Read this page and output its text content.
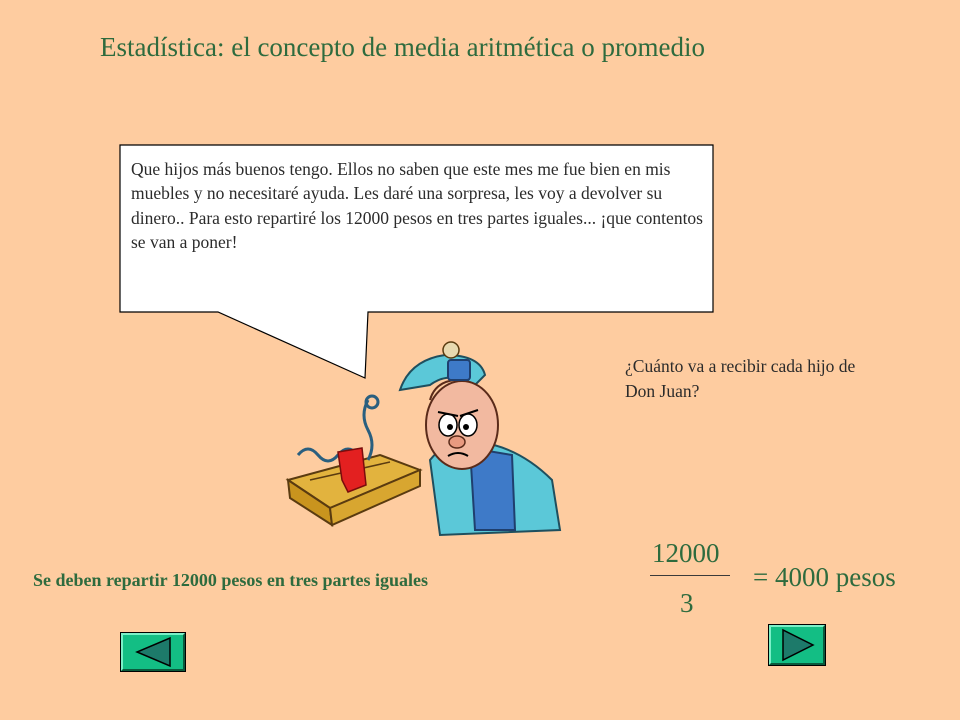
Estadística: el concepto de media aritmética o promedio
Que hijos más buenos tengo. Ellos no saben que este mes me fue bien en mis muebles y no necesitaré ayuda. Les daré una sorpresa, les voy a devolver su dinero.. Para esto repartiré los 12000 pesos en tres partes iguales... ¡que contentos se van a poner!
¿Cuánto va a recibir cada hijo de Don Juan?
Se deben repartir 12000 pesos en tres partes iguales
12000
3
= 4000 pesos
